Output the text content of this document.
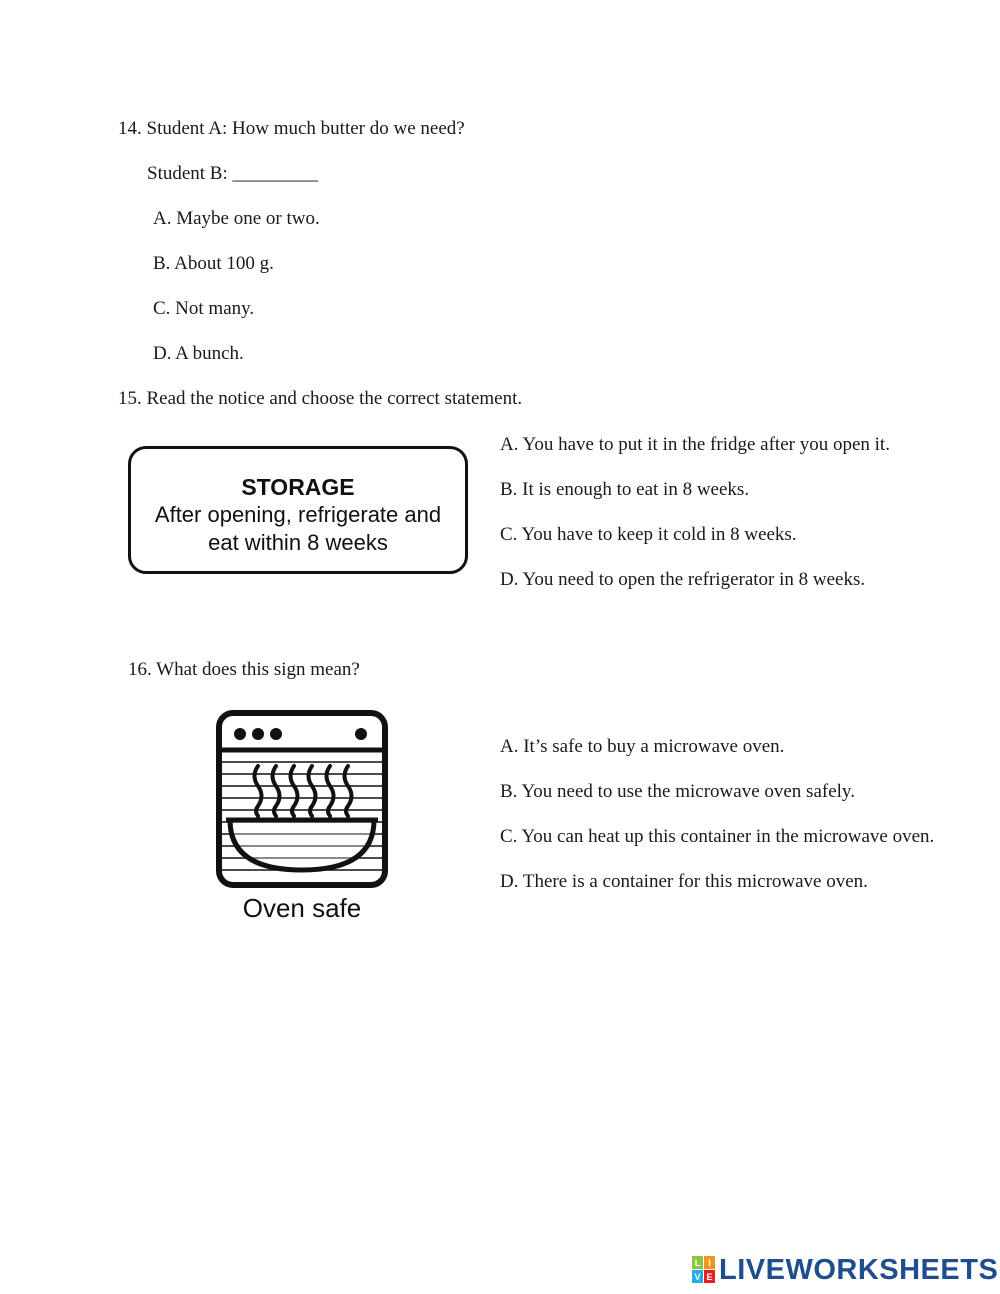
14. Student A: How much butter do we need?
Student B: _________
A. Maybe one or two.
B. About 100 g.
C. Not many.
D. A bunch.
15. Read the notice and choose the correct statement.
STORAGE
After opening, refrigerate and
eat within 8 weeks
A. You have to put it in the fridge after you open it.
B. It is enough to eat in 8 weeks.
C. You have to keep it cold in 8 weeks.
D. You need to open the refrigerator in 8 weeks.
16. What does this sign mean?
Oven safe
A. It’s safe to buy a microwave oven.
B. You need to use the microwave oven safely.
C. You can heat up this container in the microwave oven.
D. There is a container for this microwave oven.
L I
V E LIVEWORKSHEETS
